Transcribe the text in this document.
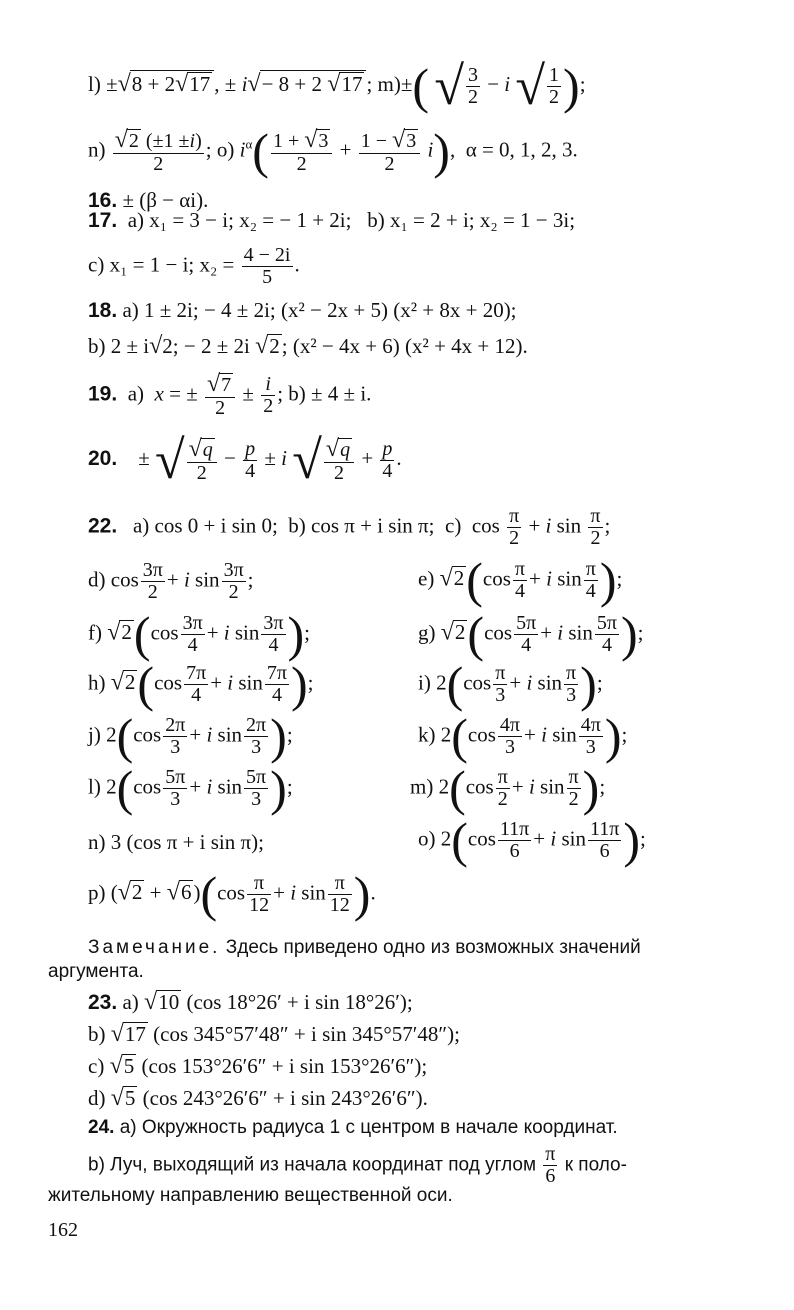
l) ±√8 + 2√17 , ± i√− 8 + 2 √17 ; m)±( √ $\frac{3}{2} - i$ √ $\frac{1}{2}$ );
$n) \frac{√2 (\pm 1 \pm i)}{2}$ ; o) $i^\alpha( \frac{1 + √3}{2} + \frac{1 - √3}{2} i)$,  α = 0, 1, 2, 3.
16. ± (β − αi).
17. a) x₁ = 3 − i; x₂ = − 1 + 2i; b) x₁ = 2 + i; x₂ = 1 − 3i;
c) x₁ = 1 − i; $x_2 = \frac{4 - 2i}{5}$ .
18. a) 1 ± 2i; − 4 ± 2i; (x² − 2x + 5) (x² + 8x + 20);
b) 2 ± i√2; − 2 ± 2i √2; (x² − 4x + 6) (x² + 4x + 12).
19. a) x = ± $\frac{√7}{2} \pm \frac{i}{2}$ ; b) ± 4 ± i.
20.    ± √ $\frac{√q}{2} - \frac{p}{4} \pm i$ √ $\frac{√q}{2} + \frac{p}{4}$ .
22. a) cos 0 + i sin 0; b) cos π + i sin π; c)  $\cos \frac{\pi}{2} + i$ $\sin \frac{\pi}{2}$ ;
d) $\cos \frac{3\pi}{2} + i$ $\sin \frac{3\pi}{2}$ ;	e) $√2(\cos \frac{\pi}{4} + i$ $\sin \frac{\pi}{4}$ );
f) $√2(\cos \frac{3\pi}{4} + i$ $\sin \frac{3\pi}{4}$ );	g) $√2(\cos \frac{5\pi}{4} + i$ $\sin \frac{5\pi}{4}$ );
h) $√2(\cos \frac{7\pi}{4} + i$ $\sin \frac{7\pi}{4}$ );	i) $2(\cos \frac{\pi}{3} + i$ $\sin \frac{\pi}{3}$ );
j) $2(\cos \frac{2\pi}{3} + i$ $\sin \frac{2\pi}{3}$ );	k) $2(\cos \frac{4\pi}{3} + i$ $\sin \frac{4\pi}{3}$ );
l) $2(\cos \frac{5\pi}{3} + i$ $\sin \frac{5\pi}{3}$ );	m) $2(\cos \frac{\pi}{2} + i$ $\sin \frac{\pi}{2}$ );
n) 3 (cos π + i sin π);	o) $2(\cos \frac{11\pi}{6} + i$ $\sin \frac{11\pi}{6}$ );
p) $(√2 + √6)(\cos \frac{\pi}{12} + i$ $\sin \frac{\pi}{12}$ ).
Замечание. Здесь приведено одно из возможных значений
аргумента.
23. a) √10 (cos 18°26′ + i sin 18°26′);
b) √17 (cos 345°57′48″ + i sin 345°57′48″);
c) √5 (cos 153°26′6″ + i sin 153°26′6″);
d) √5 (cos 243°26′6″ + i sin 243°26′6″).
24. a) Окружность радиуса 1 с центром в начале координат.
b) Луч, выходящий из начала координат под углом $\frac{\pi}{6}$ к поло-
жительному направлению вещественной оси.
162
